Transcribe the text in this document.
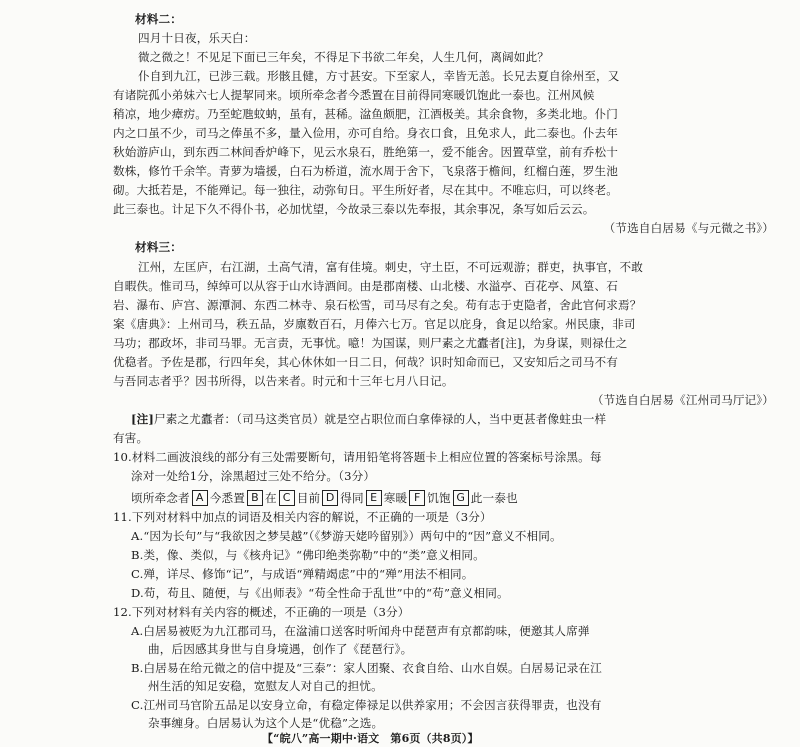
材料二：
四月十日夜，乐天白：
微之微之！不见足下面已三年矣，不得足下书欲二年矣，人生几何，离阔如此？
仆自到九江，已涉三载。形骸且健，方寸甚安。下至家人，幸皆无恙。长兄去夏自徐州至，又
有诸院孤小弟妹六七人提挈同来。顷所牵念者今悉置在目前得同寒暖饥饱此一泰也。江州风候
稍凉，地少瘴疠。乃至蛇虺蚊蚋，虽有，甚稀。湓鱼颇肥，江酒极美。其余食物，多类北地。仆门
内之口虽不少，司马之俸虽不多，量入俭用，亦可自给。身衣口食，且免求人，此二泰也。仆去年
秋始游庐山，到东西二林间香炉峰下，见云水泉石，胜绝第一，爱不能舍。因置草堂，前有乔松十
数株，修竹千余竿。青萝为墙援，白石为桥道，流水周于舍下，飞泉落于檐间，红榴白莲，罗生池
砌。大抵若是，不能殚记。每一独往，动弥旬日。平生所好者，尽在其中。不唯忘归，可以终老。
此三泰也。计足下久不得仆书，必加忧望，今故录三泰以先奉报，其余事况，条写如后云云。
（节选自白居易《与元微之书》）
材料三：
江州，左匡庐，右江湖，土高气清，富有佳境。刺史，守土臣，不可远观游；群吏，执事官，不敢
自暇佚。惟司马，绰绰可以从容于山水诗酒间。由是郡南楼、山北楼、水溢亭、百花亭、风篁、石
岩、瀑布、庐宫、源潭洞、东西二林寺、泉石松雪，司马尽有之矣。苟有志于吏隐者，舍此官何求焉？
案《唐典》：上州司马，秩五品，岁廪数百石，月俸六七万。官足以庇身，食足以给家。州民康，非司
马功；郡政坏，非司马罪。无言责，无事忧。噫！为国谋，则尸素之尤蠹者[注]，为身谋，则禄仕之
优稳者。予佐是郡，行四年矣，其心休休如一日二日，何哉？识时知命而已，又安知后之司马不有
与吾同志者乎？因书所得，以告来者。时元和十三年七月八日记。
（节选自白居易《江州司马厅记》）
[注]尸素之尤蠹者：（司马这类官员）就是空占职位而白拿俸禄的人，当中更甚者像蛀虫一样
有害。
10.材料二画波浪线的部分有三处需要断句，请用铅笔将答题卡上相应位置的答案标号涂黑。每
涂对一处给1分，涂黑超过三处不给分。（3分）
顷所牵念者 A 今悉置 B 在 C 目前 D 得同 E 寒暖 F 饥饱 G 此一泰也
11.下列对材料中加点的词语及相关内容的解说，不正确的一项是（3分）
A.“因为长句”与“我欲因之梦吴越”（《梦游天姥吟留别》）两句中的“因”意义不相同。
B.类，像、类似，与《核舟记》“佛印绝类弥勒”中的“类”意义相同。
C.殚，详尽、修饰“记”，与成语“殚精竭虑”中的“殚”用法不相同。
D.苟，苟且、随便，与《出师表》“苟全性命于乱世”中的“苟”意义相同。
12.下列对材料有关内容的概述，不正确的一项是（3分）
A.白居易被贬为九江郡司马，在湓浦口送客时听闻舟中琵琶声有京都韵味，便邀其人席弹
曲，后因感其身世与自身境遇，创作了《琵琶行》。
B.白居易在给元微之的信中提及“三泰”：家人团聚、衣食自给、山水自娱。白居易记录在江
州生活的知足安稳，宽慰友人对自己的担忧。
C.江州司马官阶五品足以安身立命，有稳定俸禄足以供养家用；不会因言获得罪责，也没有
杂事缠身。白居易认为这个人是“优稳”之选。
【“皖八”高一期中·语文　第6页（共8页）】
